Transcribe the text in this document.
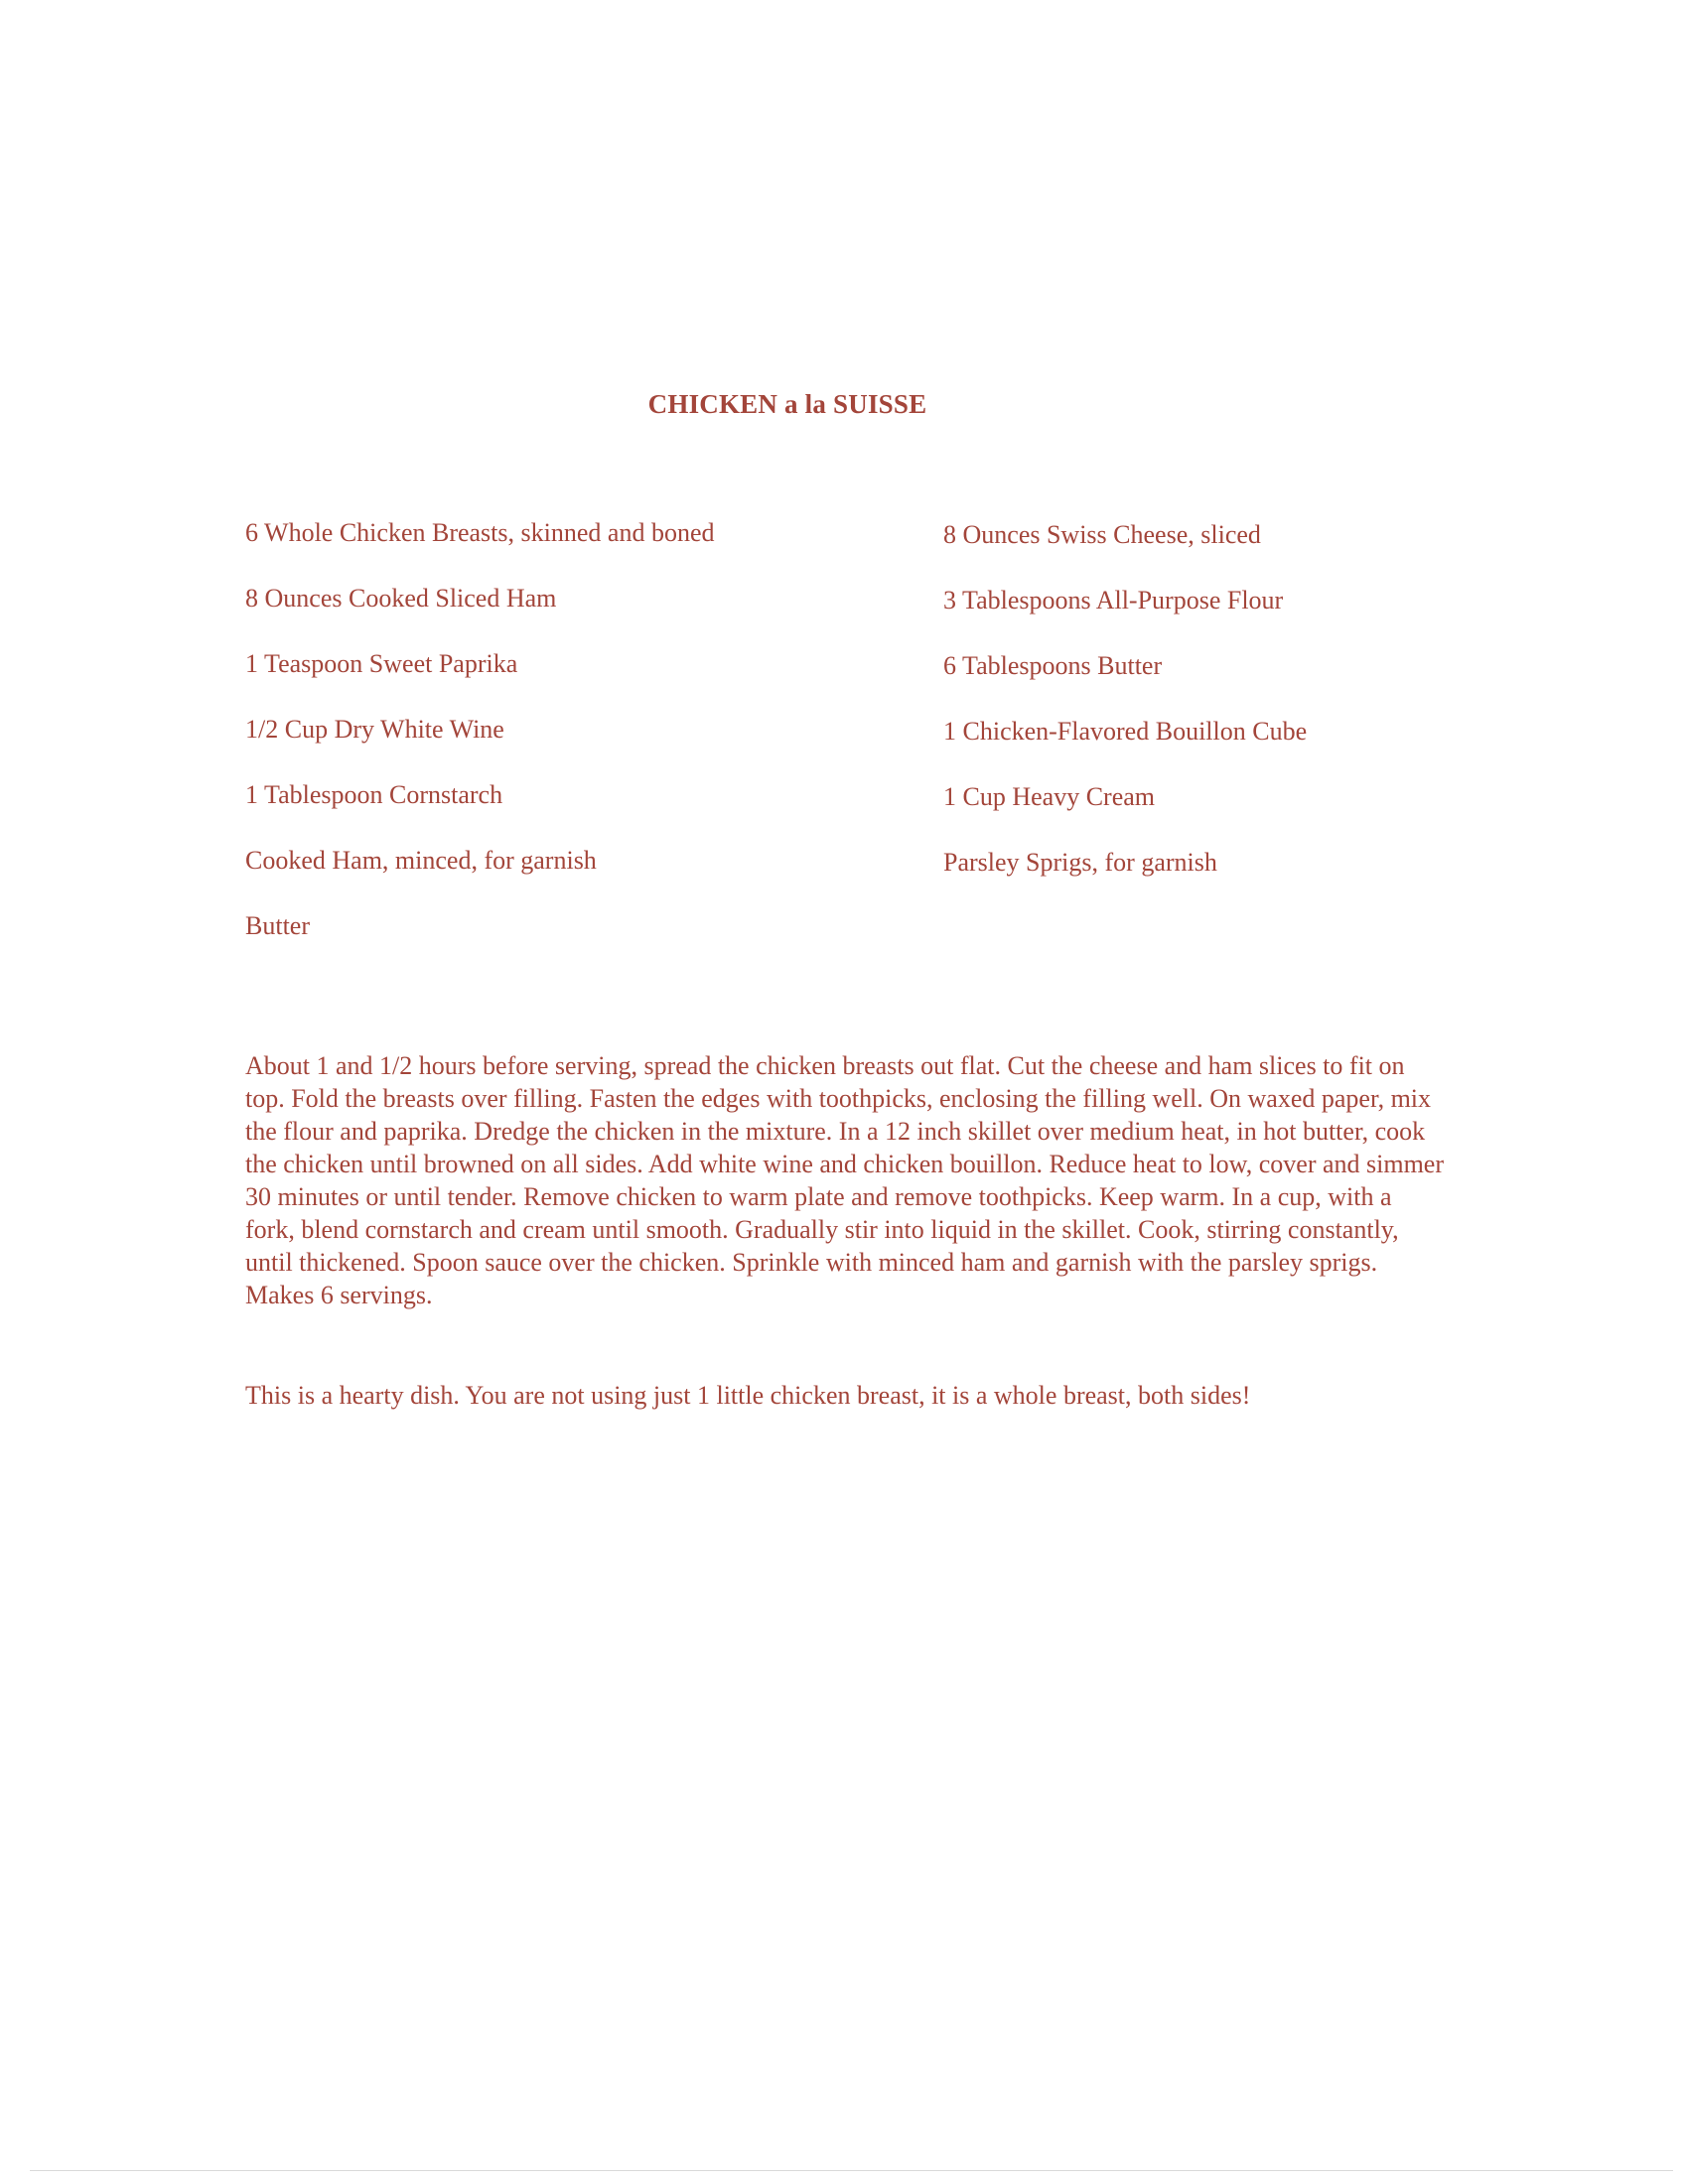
CHICKEN a la SUISSE
6 Whole Chicken Breasts, skinned and boned
8 Ounces Cooked Sliced Ham
1 Teaspoon Sweet Paprika
1/2 Cup Dry White Wine
1 Tablespoon Cornstarch
Cooked Ham, minced, for garnish
Butter
8 Ounces Swiss Cheese, sliced
3 Tablespoons All-Purpose Flour
6 Tablespoons Butter
1 Chicken-Flavored Bouillon Cube
1 Cup Heavy Cream
Parsley Sprigs, for garnish

About 1 and 1/2 hours before serving, spread the chicken breasts out flat. Cut the cheese and ham slices to fit on top. Fold the breasts over filling. Fasten the edges with toothpicks, enclosing the filling well. On waxed paper, mix the flour and paprika. Dredge the chicken in the mixture. In a 12 inch skillet over medium heat, in hot butter, cook the chicken until browned on all sides. Add white wine and chicken bouillon. Reduce heat to low, cover and simmer 30 minutes or until tender. Remove chicken to warm plate and remove toothpicks. Keep warm. In a cup, with a fork, blend cornstarch and cream until smooth. Gradually stir into liquid in the skillet. Cook, stirring constantly, until thickened. Spoon sauce over the chicken. Sprinkle with minced ham and garnish with the parsley sprigs. Makes 6 servings.

This is a hearty dish. You are not using just 1 little chicken breast, it is a whole breast, both sides!
